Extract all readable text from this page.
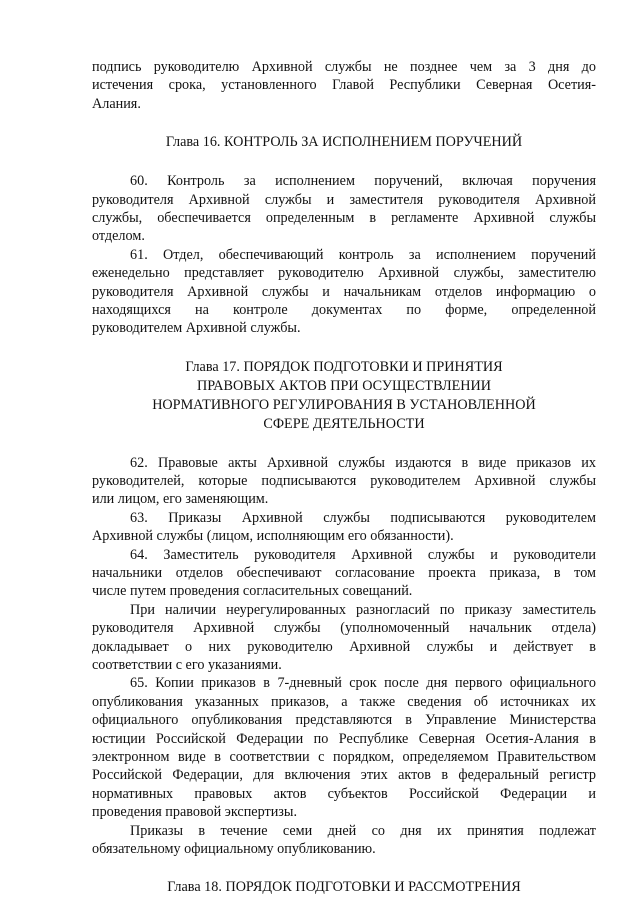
подпись руководителю Архивной службы не позднее чем за 3 дня до
истечения срока, установленного Главой Республики Северная Осетия-
Алания.
Глава 16. КОНТРОЛЬ ЗА ИСПОЛНЕНИЕМ ПОРУЧЕНИЙ
60. Контроль за исполнением поручений, включая поручения
руководителя Архивной службы и заместителя руководителя Архивной
службы, обеспечивается определенным в регламенте Архивной службы
отделом.
61. Отдел, обеспечивающий контроль за исполнением поручений
еженедельно представляет руководителю Архивной службы, заместителю
руководителя Архивной службы и начальникам отделов информацию о
находящихся на контроле документах по форме, определенной
руководителем Архивной службы.
Глава 17. ПОРЯДОК ПОДГОТОВКИ И ПРИНЯТИЯ
ПРАВОВЫХ АКТОВ ПРИ ОСУЩЕСТВЛЕНИИ
НОРМАТИВНОГО РЕГУЛИРОВАНИЯ В УСТАНОВЛЕННОЙ
СФЕРЕ ДЕЯТЕЛЬНОСТИ
62. Правовые акты Архивной службы издаются в виде приказов их
руководителей, которые подписываются руководителем Архивной службы
или лицом, его заменяющим.
63. Приказы Архивной службы подписываются руководителем
Архивной службы (лицом, исполняющим его обязанности).
64. Заместитель руководителя Архивной службы и руководители
начальники отделов обеспечивают согласование проекта приказа, в том
числе путем проведения согласительных совещаний.
При наличии неурегулированных разногласий по приказу заместитель
руководителя Архивной службы (уполномоченный начальник отдела)
докладывает о них руководителю Архивной службы и действует в
соответствии с его указаниями.
65. Копии приказов в 7-дневный срок после дня первого официального
опубликования указанных приказов, а также сведения об источниках их
официального опубликования представляются в Управление Министерства
юстиции Российской Федерации по Республике Северная Осетия-Алания в
электронном виде в соответствии с порядком, определяемом Правительством
Российской Федерации, для включения этих актов в федеральный регистр
нормативных правовых актов субъектов Российской Федерации и
проведения правовой экспертизы.
Приказы в течение семи дней со дня их принятия подлежат
обязательному официальному опубликованию.
Глава 18. ПОРЯДОК ПОДГОТОВКИ И РАССМОТРЕНИЯ
